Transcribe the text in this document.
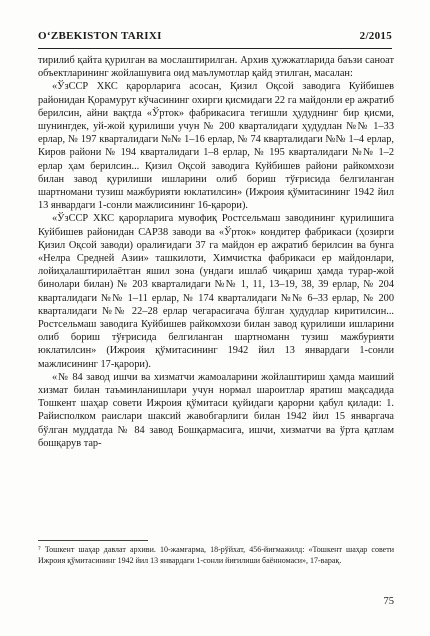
O‘ZBEKISTON TARIXI	2/2015

тирилиб қайта қурилган ва мослаштирилган. Архив ҳужжатларида баъзи саноат объектларининг жойлашувига оид маълумотлар қайд этилган, масалан:

«ЎзССР ХКС қарорларига асосан, Қизил Оқсой заводига Куйбишев районидан Қорамурут кўчасининг охирги қисмидаги 22 га майдонли ер ажратиб берилсин, айни вақтда «Ўрток» фабрикасига тегишли ҳудуднинг бир қисми, шунингдек, уй-жой қурилиши учун № 200 кварталидаги ҳудудлан №№ 1–33 ерлар, № 197 кварталидаги №№ 1–16 ерлар, № 74 кварталидаги №№ 1–4 ерлар, Киров райони № 194 кварталидаги 1–8 ерлар, № 195 кварталидаги №№ 1–2 ерлар ҳам берилсин... Қизил Оқсой заводига Куйбишев райони райкомхози билан завод қурилиши ишларини олиб бориш тўғрисида белгиланган шартномани тузиш мажбурияти юклатилсин» (Ижроия қўмитасининг 1942 йил 13 январдаги 1-сонли мажлисининг 16-қарори).

«ЎзССР ХКС қарорларига мувофиқ Ростсельмаш заводининг қурилишига Куйбишев районидан САР38 заводи ва «Ўрток» кондитер фабрикаси (ҳозирги Қизил Оқсой заводи) оралиғидаги 37 га майдон ер ажратиб берилсин ва бунга «Нелра Средней Азии» ташкилоти, Химчистка фабрикаси ер майдонлари, лойиҳалаштирилаётган яшил зона (ундаги ишлаб чиқариш ҳамда турар-жой бинолари билан) № 203 кварталидаги №№ 1, 11, 13–19, 38, 39 ерлар, № 204 кварталидаги №№ 1–11 ерлар, № 174 кварталидаги №№ 6–33 ерлар, № 200 кварталидаги №№ 22–28 ерлар чегарасигача бўлган ҳудудлар киритилсин... Ростсельмаш заводига Куйбишев райкомхози билан завод қурилиши ишларини олиб бориш тўғрисида белгиланган шартноманн тузиш мажбурияти юклатилсин» (Ижроия қўмитасининг 1942 йил 13 январдаги 1-сонли мажлисининг 17-қарори).

«№ 84 завод ишчи ва хизматчи жамоаларини жойлаштириш ҳамда маиший хизмат билан таъминланишлари учун нормал шароитлар яратиш мақсадида Тошкент шаҳар совети Ижроия қўмитаси қуйидаги қарорни қабул қилади: 1. Райисполком раислари шаксий жавобгарлиги билан 1942 йил 15 январгача бўлган муддатда № 84 завод Бошқармасига, ишчи, хизматчи ва ўрта қатлам бошқарув тар-

⁷ Тошкент шаҳар давлат архиви. 10-жамғарма, 18-рўйхат, 456-йиғмажилд: «Тошкент шаҳар совети Ижроия қўмитасининг 1942 йил 13 январдаги 1-сонли йиғилиши баённомаси», 17-варақ.
75
